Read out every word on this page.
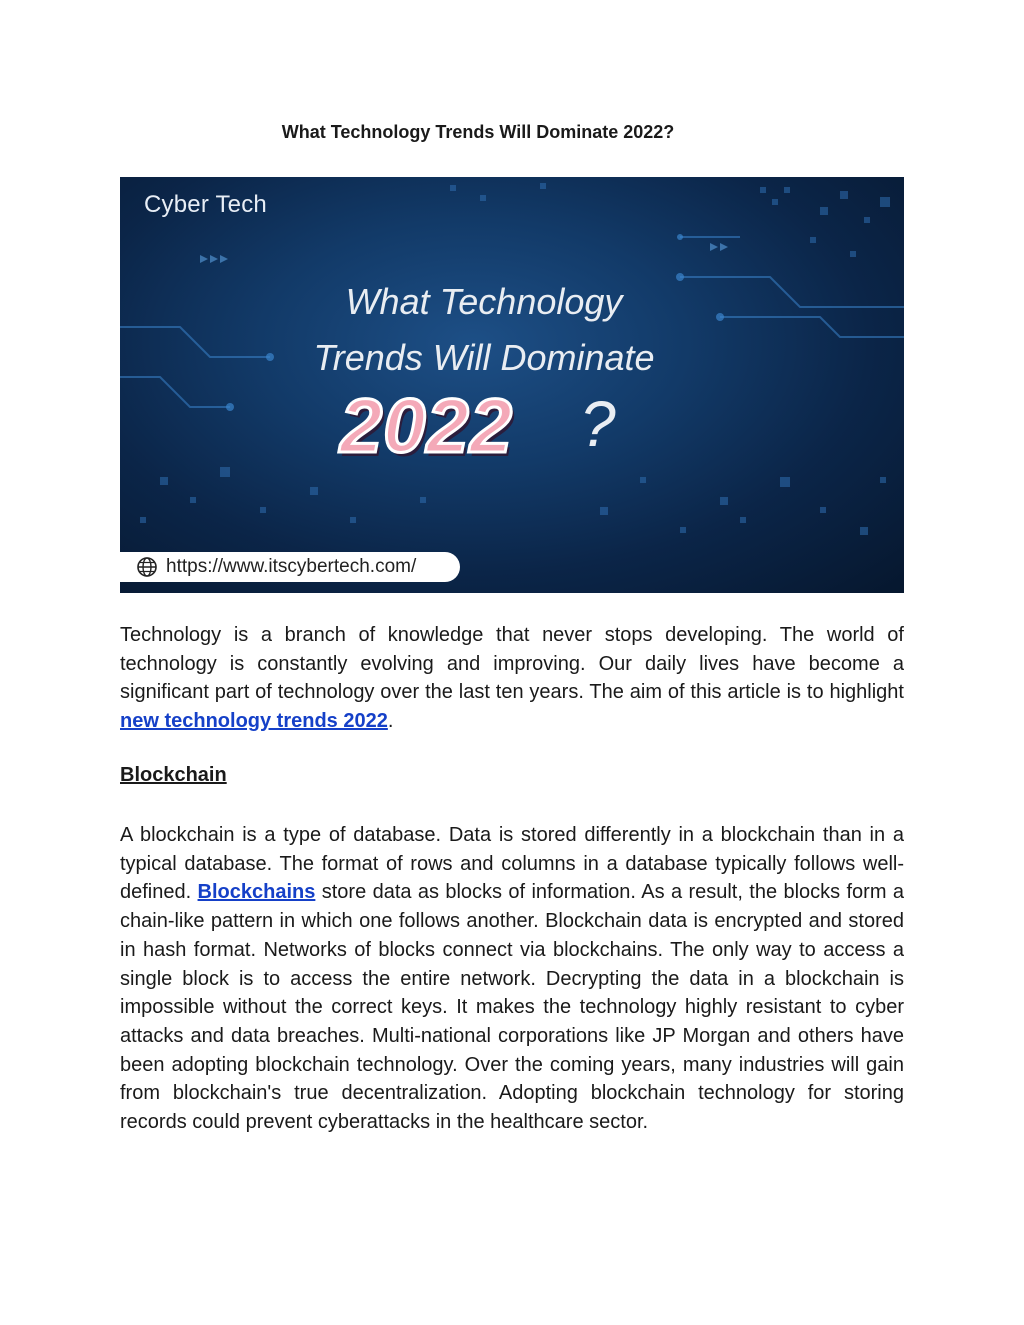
What Technology Trends Will Dominate 2022?
Cyber Tech
What Technology
Trends Will Dominate
2022 ?
https://www.itscybertech.com/

Technology is a branch of knowledge that never stops developing. The world of technology is constantly evolving and improving. Our daily lives have become a significant part of technology over the last ten years. The aim of this article is to highlight new technology trends 2022.

Blockchain

A blockchain is a type of database. Data is stored differently in a blockchain than in a typical database. The format of rows and columns in a database typically follows well-defined. Blockchains store data as blocks of information. As a result, the blocks form a chain-like pattern in which one follows another. Blockchain data is encrypted and stored in hash format. Networks of blocks connect via blockchains. The only way to access a single block is to access the entire network. Decrypting the data in a blockchain is impossible without the correct keys. It makes the technology highly resistant to cyber attacks and data breaches. Multi-national corporations like JP Morgan and others have been adopting blockchain technology. Over the coming years, many industries will gain from blockchain's true decentralization. Adopting blockchain technology for storing records could prevent cyberattacks in the healthcare sector.
